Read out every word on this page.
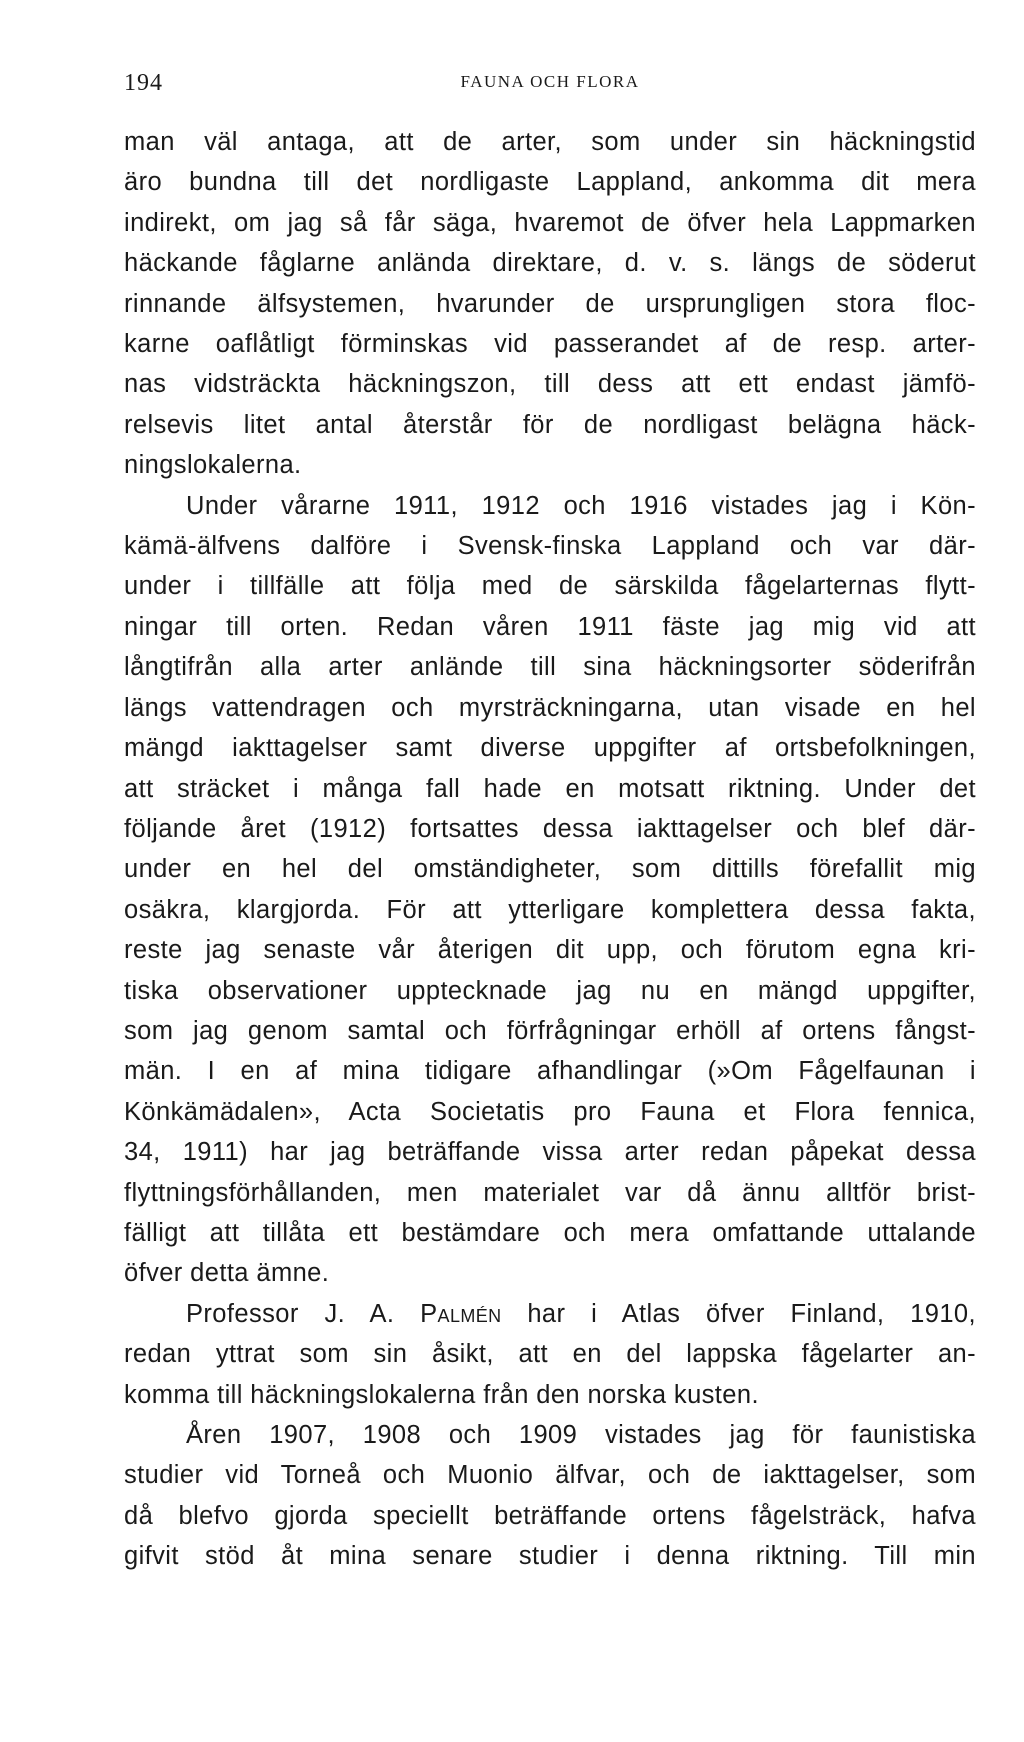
194	FAUNA OCH FLORA

man väl antaga, att de arter, som under sin häckningstid
äro bundna till det nordligaste Lappland, ankomma dit mera
indirekt, om jag så får säga, hvaremot de öfver hela Lappmarken
häckande fåglarne anlända direktare, d. v. s. längs de söderut
rinnande älfsystemen, hvarunder de ursprungligen stora floc-
karne oaflåtligt förminskas vid passerandet af de resp. arter-
nas vidsträckta häckningszon, till dess att ett endast jämfö-
relsevis litet antal återstår för de nordligast belägna häck-
ningslokalerna.

Under vårarne 1911, 1912 och 1916 vistades jag i Kön-
kämä-älfvens dalföre i Svensk-finska Lappland och var där-
under i tillfälle att följa med de särskilda fågelarternas flytt-
ningar till orten. Redan våren 1911 fäste jag mig vid att
långtifrån alla arter anlände till sina häckningsorter söderifrån
längs vattendragen och myrsträckningarna, utan visade en hel
mängd iakttagelser samt diverse uppgifter af ortsbefolkningen,
att sträcket i många fall hade en motsatt riktning. Under det
följande året (1912) fortsattes dessa iakttagelser och blef där-
under en hel del omständigheter, som dittills förefallit mig
osäkra, klargjorda. För att ytterligare komplettera dessa fakta,
reste jag senaste vår återigen dit upp, och förutom egna kri-
tiska observationer upptecknade jag nu en mängd uppgifter,
som jag genom samtal och förfrågningar erhöll af ortens fångst-
män. I en af mina tidigare afhandlingar (»Om Fågelfaunan i
Könkämädalen», Acta Societatis pro Fauna et Flora fennica,
34, 1911) har jag beträffande vissa arter redan påpekat dessa
flyttningsförhållanden, men materialet var då ännu alltför brist-
fälligt att tillåta ett bestämdare och mera omfattande uttalande
öfver detta ämne.

Professor J. A. Palmén har i Atlas öfver Finland, 1910,
redan yttrat som sin åsikt, att en del lappska fågelarter an-
komma till häckningslokalerna från den norska kusten.

Åren 1907, 1908 och 1909 vistades jag för faunistiska
studier vid Torneå och Muonio älfvar, och de iakttagelser, som
då blefvo gjorda speciellt beträffande ortens fågelsträck, hafva
gifvit stöd åt mina senare studier i denna riktning. Till min
